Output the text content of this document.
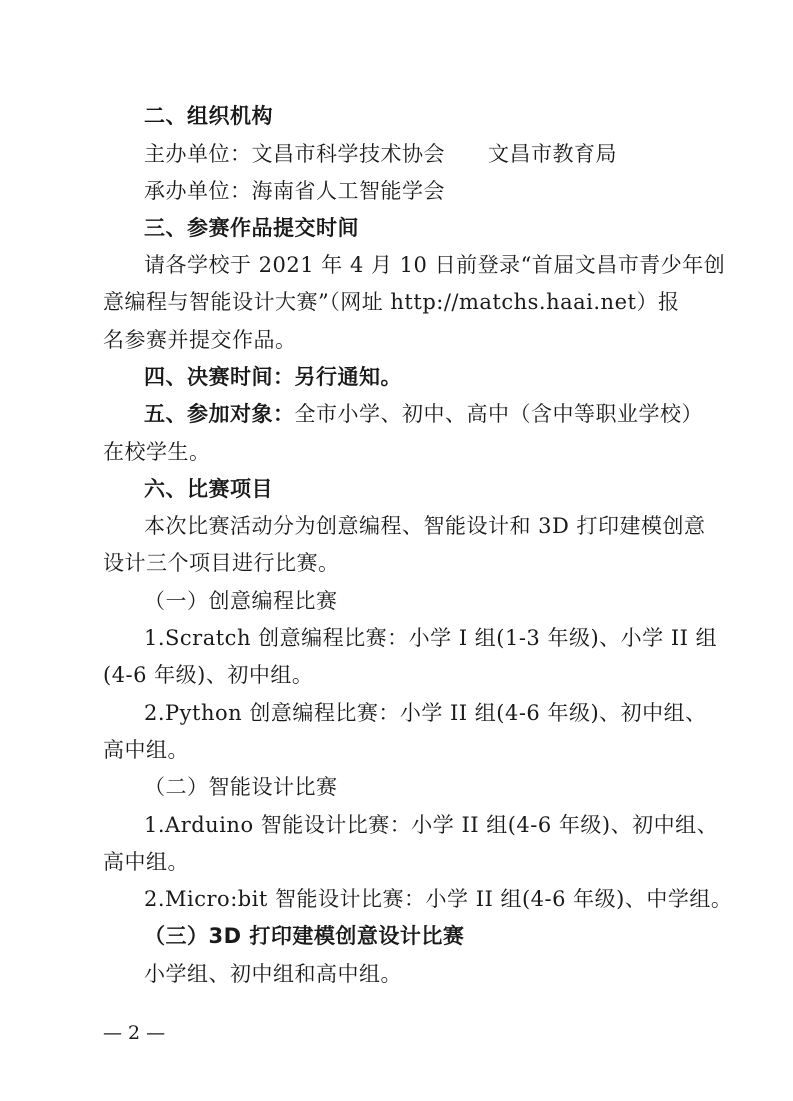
二、组织机构
主办单位：文昌市科学技术协会　　文昌市教育局
承办单位：海南省人工智能学会
三、参赛作品提交时间
请各学校于 2021 年 4 月 10 日前登录“首届文昌市青少年创
意编程与智能设计大赛”（网址 http://matchs.haai.net）报
名参赛并提交作品。
四、决赛时间：另行通知。
五、参加对象：全市小学、初中、高中（含中等职业学校）
在校学生。
六、比赛项目
本次比赛活动分为创意编程、智能设计和 3D 打印建模创意
设计三个项目进行比赛。
（一）创意编程比赛
1.Scratch 创意编程比赛：小学 I 组(1-3 年级)、小学 II 组
(4-6 年级)、初中组。
2.Python 创意编程比赛：小学 II 组(4-6 年级)、初中组、
高中组。
（二）智能设计比赛
1.Arduino 智能设计比赛：小学 II 组(4-6 年级)、初中组、
高中组。
2.Micro:bit 智能设计比赛：小学 II 组(4-6 年级)、中学组。
（三）3D 打印建模创意设计比赛
小学组、初中组和高中组。
— 2 —
